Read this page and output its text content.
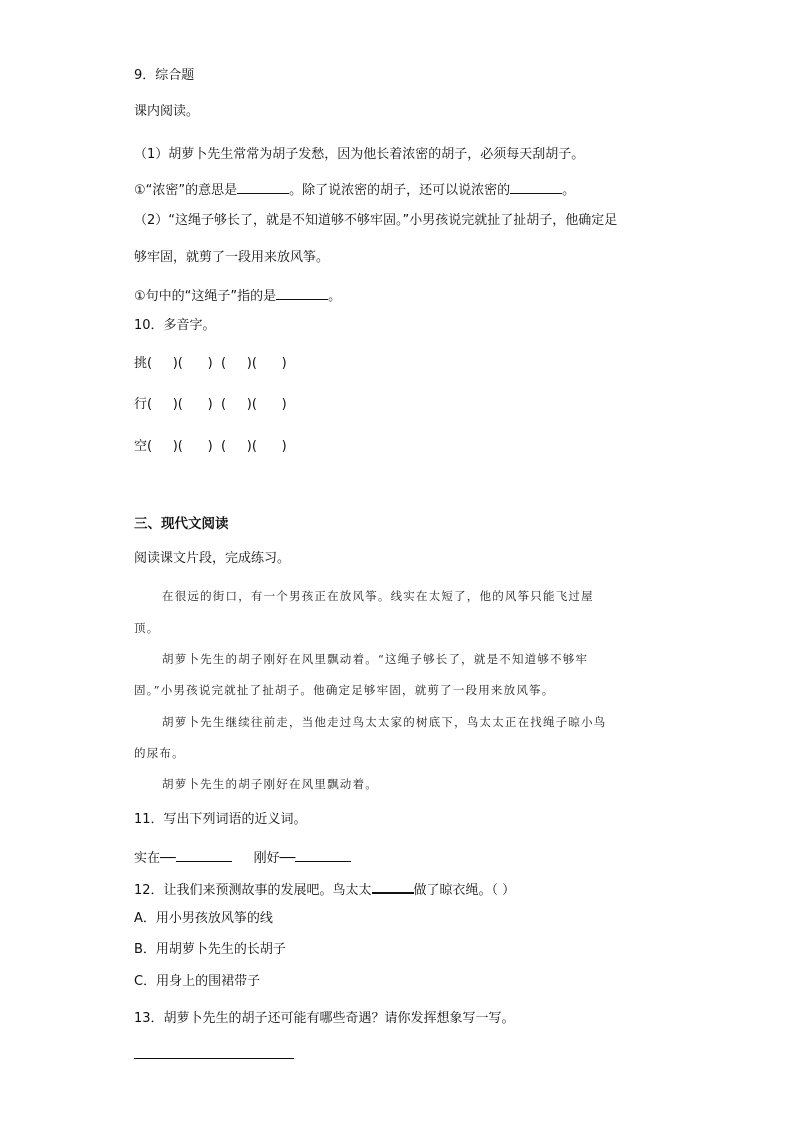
9．综合题
课内阅读。
（1）胡萝卜先生常常为胡子发愁，因为他长着浓密的胡子，必须每天刮胡子。
①“浓密”的意思是	。除了说浓密的胡子，还可以说浓密的	。
（2）“这绳子够长了，就是不知道够不够牢固。”小男孩说完就扯了扯胡子，他确定足
够牢固，就剪了一段用来放风筝。
①句中的“这绳子”指的是	。
10．多音字。
挑(     )(      )  (     )(      )
行(     )(      )  (     )(      )
空(     )(      )  (     )(      )
三、现代文阅读
阅读课文片段，完成练习。
在很远的街口，有一个男孩正在放风筝。线实在太短了，他的风筝只能飞过屋
顶。
胡萝卜先生的胡子刚好在风里飘动着。“这绳子够长了，就是不知道够不够牢
固。”小男孩说完就扯了扯胡子。他确定足够牢固，就剪了一段用来放风筝。
胡萝卜先生继续往前走，当他走过鸟太太家的树底下，鸟太太正在找绳子晾小鸟
的尿布。
胡萝卜先生的胡子刚好在风里飘动着。
11．写出下列词语的近义词。
实在──	刚好──
12．让我们来预测故事的发展吧。鸟太太	做了晾衣绳。（ ）
A．用小男孩放风筝的线
B．用胡萝卜先生的长胡子
C．用身上的围裙带子
13．胡萝卜先生的胡子还可能有哪些奇遇？请你发挥想象写一写。
